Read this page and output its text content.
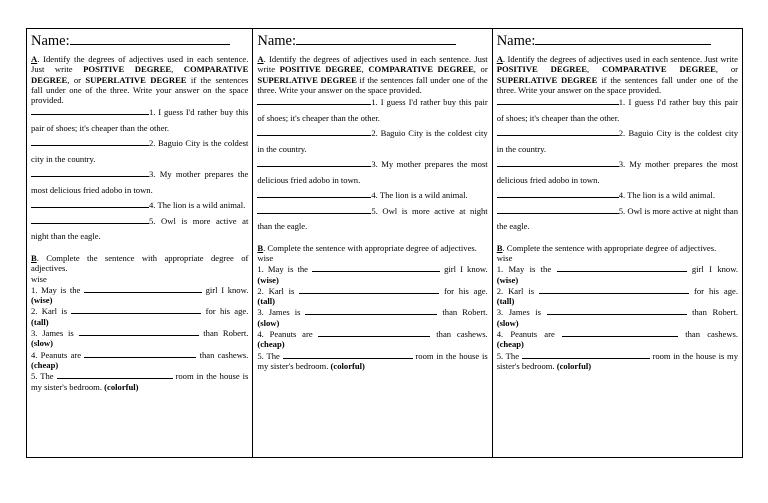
Name:

A. Identify the degrees of adjectives used in each sentence. Just write POSITIVE DEGREE, COMPARATIVE DEGREE, or SUPERLATIVE DEGREE if the sentences fall under one of the three. Write your answer on the space provided.

1. I guess I'd rather buy this pair of shoes; it's cheaper than the other.

2. Baguio City is the coldest city in the country.

3. My mother prepares the most delicious fried adobo in town.

4. The lion is a wild animal.

5. Owl is more active at night than the eagle.

B. Complete the sentence with appropriate degree of adjectives.

wise

1. May is the	girl I know. (wise)

2. Karl is	for his age. (tall)

3. James is	than Robert. (slow)

4. Peanuts are	than cashews. (cheap)

5. The	room in the house is my sister's bedroom. (colorful)

Name:

A. Identify the degrees of adjectives used in each sentence. Just write POSITIVE DEGREE, COMPARATIVE DEGREE, or SUPERLATIVE DEGREE if the sentences fall under one of the three. Write your answer on the space provided.

1. I guess I'd rather buy this pair of shoes; it's cheaper than the other.

2. Baguio City is the coldest city in the country.

3. My mother prepares the most delicious fried adobo in town.

4. The lion is a wild animal.

5. Owl is more active at night than the eagle.

B. Complete the sentence with appropriate degree of adjectives.

wise

1. May is the	girl I know. (wise)

2. Karl is	for his age. (tall)

3. James is	than Robert. (slow)

4. Peanuts are	than cashews. (cheap)

5. The	room in the house is my sister's bedroom. (colorful)

Name:

A. Identify the degrees of adjectives used in each sentence. Just write POSITIVE DEGREE, COMPARATIVE DEGREE, or SUPERLATIVE DEGREE if the sentences fall under one of the three. Write your answer on the space provided.

1. I guess I'd rather buy this pair of shoes; it's cheaper than the other.

2. Baguio City is the coldest city in the country.

3. My mother prepares the most delicious fried adobo in town.

4. The lion is a wild animal.

5. Owl is more active at night than the eagle.

B. Complete the sentence with appropriate degree of adjectives.

wise

1. May is the	girl I know. (wise)

2. Karl is	for his age. (tall)

3. James is	than Robert. (slow)

4. Peanuts are	than cashews. (cheap)

5. The	room in the house is my sister's bedroom. (colorful)
